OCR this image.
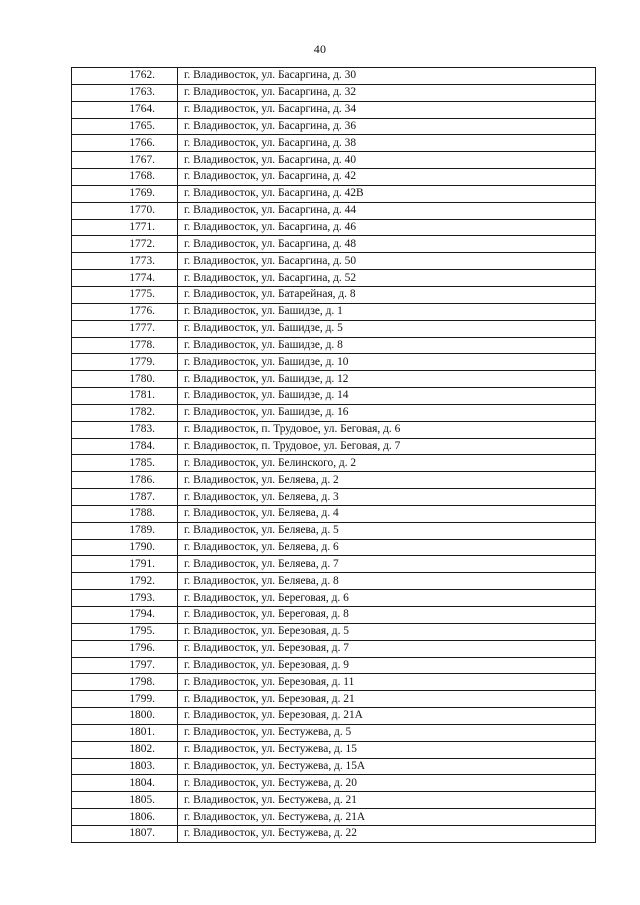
40
1762.	г. Владивосток, ул. Басаргина, д. 30
1763.	г. Владивосток, ул. Басаргина, д. 32
1764.	г. Владивосток, ул. Басаргина, д. 34
1765.	г. Владивосток, ул. Басаргина, д. 36
1766.	г. Владивосток, ул. Басаргина, д. 38
1767.	г. Владивосток, ул. Басаргина, д. 40
1768.	г. Владивосток, ул. Басаргина, д. 42
1769.	г. Владивосток, ул. Басаргина, д. 42В
1770.	г. Владивосток, ул. Басаргина, д. 44
1771.	г. Владивосток, ул. Басаргина, д. 46
1772.	г. Владивосток, ул. Басаргина, д. 48
1773.	г. Владивосток, ул. Басаргина, д. 50
1774.	г. Владивосток, ул. Басаргина, д. 52
1775.	г. Владивосток, ул. Батарейная, д. 8
1776.	г. Владивосток, ул. Башидзе, д. 1
1777.	г. Владивосток, ул. Башидзе, д. 5
1778.	г. Владивосток, ул. Башидзе, д. 8
1779.	г. Владивосток, ул. Башидзе, д. 10
1780.	г. Владивосток, ул. Башидзе, д. 12
1781.	г. Владивосток, ул. Башидзе, д. 14
1782.	г. Владивосток, ул. Башидзе, д. 16
1783.	г. Владивосток, п. Трудовое, ул. Беговая, д. 6
1784.	г. Владивосток, п. Трудовое, ул. Беговая, д. 7
1785.	г. Владивосток, ул. Белинского, д. 2
1786.	г. Владивосток, ул. Беляева, д. 2
1787.	г. Владивосток, ул. Беляева, д. 3
1788.	г. Владивосток, ул. Беляева, д. 4
1789.	г. Владивосток, ул. Беляева, д. 5
1790.	г. Владивосток, ул. Беляева, д. 6
1791.	г. Владивосток, ул. Беляева, д. 7
1792.	г. Владивосток, ул. Беляева, д. 8
1793.	г. Владивосток, ул. Береговая, д. 6
1794.	г. Владивосток, ул. Береговая, д. 8
1795.	г. Владивосток, ул. Березовая, д. 5
1796.	г. Владивосток, ул. Березовая, д. 7
1797.	г. Владивосток, ул. Березовая, д. 9
1798.	г. Владивосток, ул. Березовая, д. 11
1799.	г. Владивосток, ул. Березовая, д. 21
1800.	г. Владивосток, ул. Березовая, д. 21А
1801.	г. Владивосток, ул. Бестужева, д. 5
1802.	г. Владивосток, ул. Бестужева, д. 15
1803.	г. Владивосток, ул. Бестужева, д. 15А
1804.	г. Владивосток, ул. Бестужева, д. 20
1805.	г. Владивосток, ул. Бестужева, д. 21
1806.	г. Владивосток, ул. Бестужева, д. 21А
1807.	г. Владивосток, ул. Бестужева, д. 22
